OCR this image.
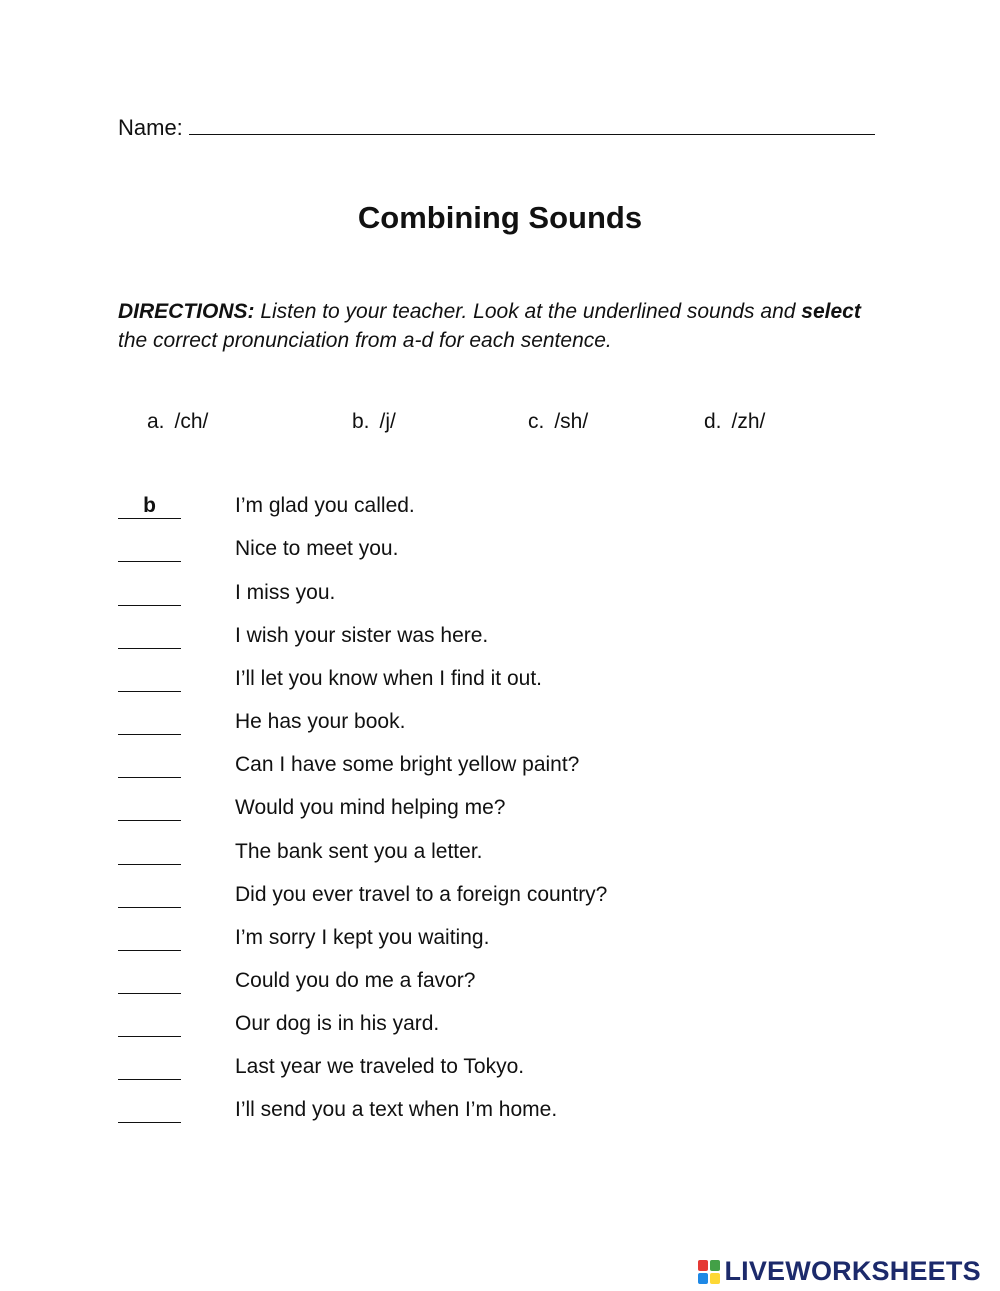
Name:
Combining Sounds
DIRECTIONS: Listen to your teacher. Look at the underlined sounds and select the correct pronunciation from a-d for each sentence.
a. /ch/	b. /j/	c. /sh/	d. /zh/
b	I’m glad you called.
Nice to meet you.
I miss you.
I wish your sister was here.
I’ll let you know when I find it out.
He has your book.
Can I have some bright yellow paint?
Would you mind helping me?
The bank sent you a letter.
Did you ever travel to a foreign country?
I’m sorry I kept you waiting.
Could you do me a favor?
Our dog is in his yard.
Last year we traveled to Tokyo.
I’ll send you a text when I’m home.
LIVEWORKSHEETS
